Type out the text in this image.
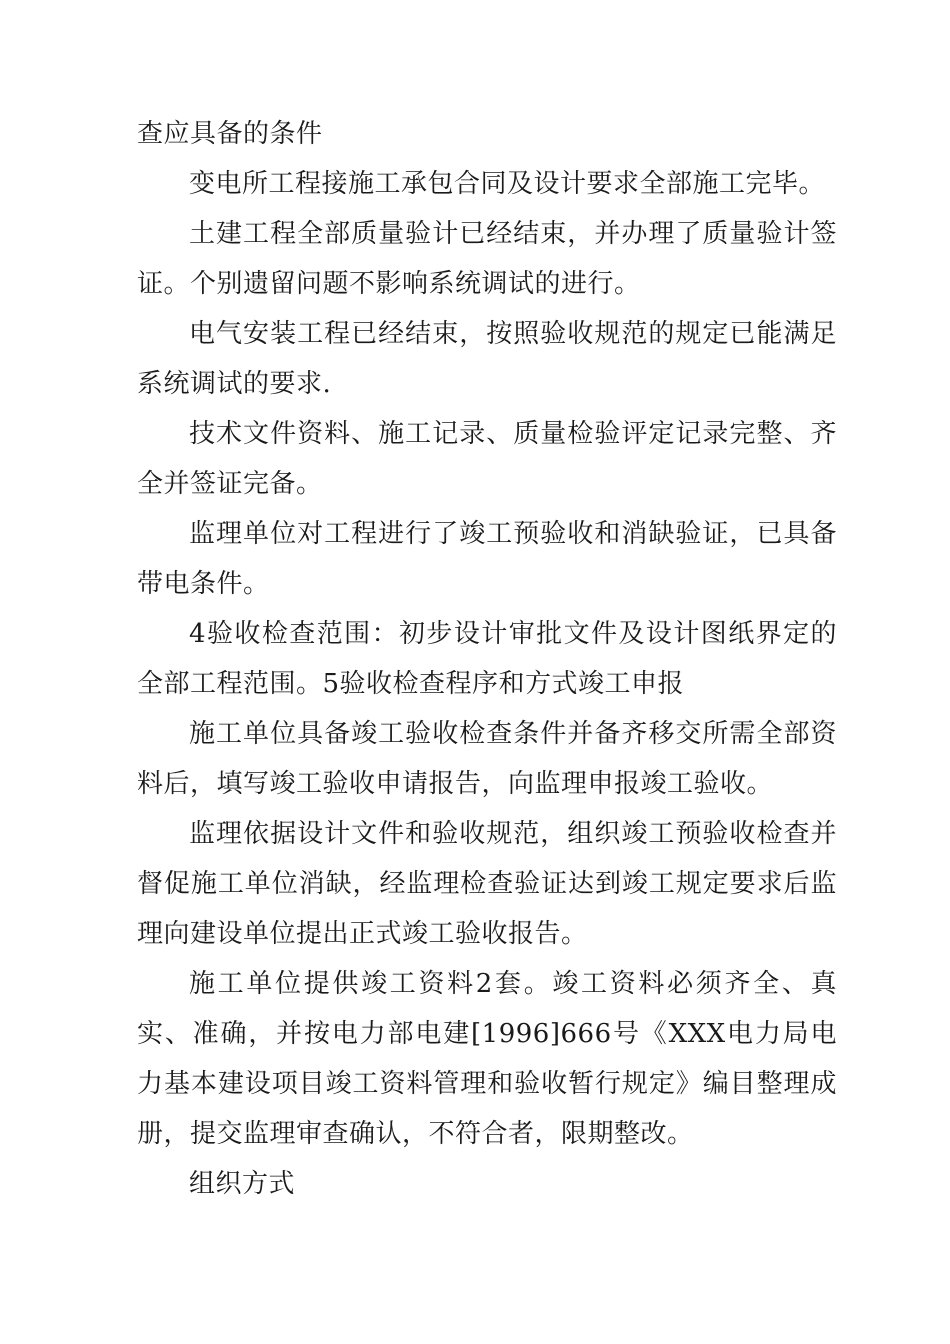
查应具备的条件

变电所工程接施工承包合同及设计要求全部施工完毕。

土建工程全部质量验计已经结束，并办理了质量验计签证。个别遗留问题不影响系统调试的进行。

电气安装工程已经结束，按照验收规范的规定已能满足系统调试的要求.

技术文件资料、施工记录、质量检验评定记录完整、齐全并签证完备。

监理单位对工程进行了竣工预验收和消缺验证，已具备带电条件。

4验收检查范围：初步设计审批文件及设计图纸界定的全部工程范围。5验收检查程序和方式竣工申报

施工单位具备竣工验收检查条件并备齐移交所需全部资料后，填写竣工验收申请报告，向监理申报竣工验收。

监理依据设计文件和验收规范，组织竣工预验收检查并督促施工单位消缺，经监理检查验证达到竣工规定要求后监理向建设单位提出正式竣工验收报告。

施工单位提供竣工资料2套。竣工资料必须齐全、真实、准确，并按电力部电建[1996]666号《XXX电力局电力基本建设项目竣工资料管理和验收暂行规定》编目整理成册，提交监理审查确认，不符合者，限期整改。

组织方式
